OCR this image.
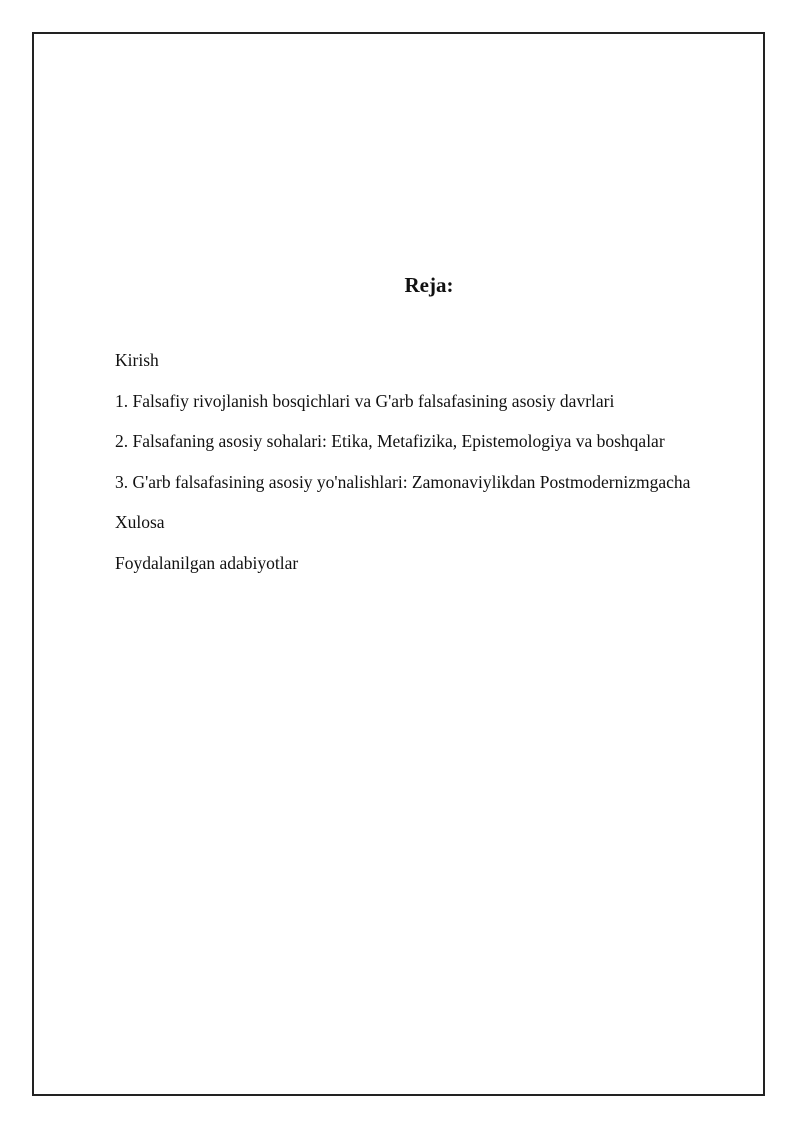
Reja:
Kirish
1. Falsafiy rivojlanish bosqichlari va G'arb falsafasining asosiy davrlari
2. Falsafaning asosiy sohalari: Etika, Metafizika, Epistemologiya va boshqalar
3. G'arb falsafasining asosiy yo'nalishlari: Zamonaviylikdan Postmodernizmgacha
Xulosa
Foydalanilgan adabiyotlar
